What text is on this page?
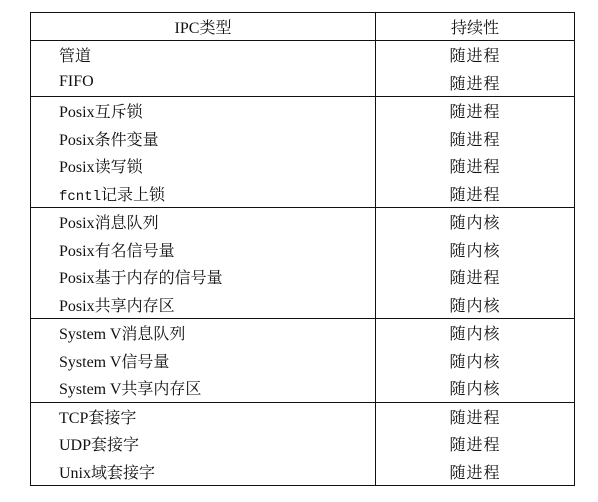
IPC类型	持续性
管道	随进程
FIFO	随进程
Posix互斥锁	随进程
Posix条件变量	随进程
Posix读写锁	随进程
fcntl记录上锁	随进程
Posix消息队列	随内核
Posix有名信号量	随内核
Posix基于内存的信号量	随进程
Posix共享内存区	随内核
System V消息队列	随内核
System V信号量	随内核
System V共享内存区	随内核
TCP套接字	随进程
UDP套接字	随进程
Unix域套接字	随进程
